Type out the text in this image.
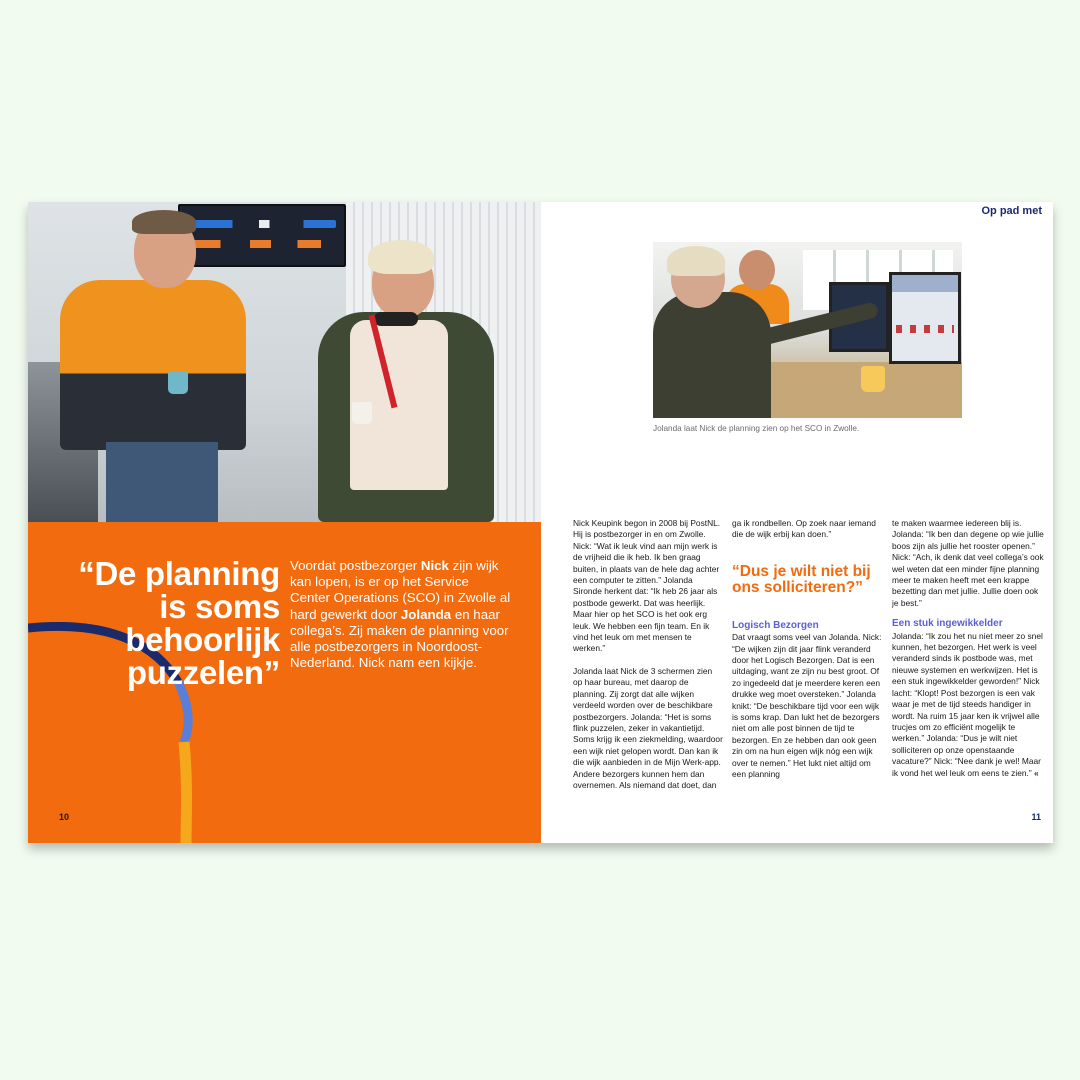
“De planning is soms behoorlijk puzzelen”
Voordat postbezorger Nick zijn wijk kan lopen, is er op het Service Center Operations (SCO) in Zwolle al hard gewerkt door Jolanda en haar collega’s. Zij maken de planning voor alle postbezorgers in Noordoost-Nederland. Nick nam een kijkje.
10
Op pad met
Jolanda laat Nick de planning zien op het SCO in Zwolle.

Nick Keupink begon in 2008 bij PostNL. Hij is postbezorger in en om Zwolle. Nick: “Wat ik leuk vind aan mijn werk is de vrijheid die ik heb. Ik ben graag buiten, in plaats van de hele dag achter een computer te zitten.” Jolanda Sironde herkent dat: “Ik heb 26 jaar als postbode gewerkt. Dat was heerlijk. Maar hier op het SCO is het ook erg leuk. We hebben een fijn team. En ik vind het leuk om met mensen te werken.”

Jolanda laat Nick de 3 schermen zien op haar bureau, met daarop de planning. Zij zorgt dat alle wijken verdeeld worden over de beschikbare postbezorgers. Jolanda: “Het is soms flink puzzelen, zeker in vakantietijd. Soms krijg ik een ziekmelding, waardoor een wijk niet gelopen wordt. Dan kan ik die wijk aanbieden in de Mijn Werk-app. Andere bezorgers kunnen hem dan overnemen. Als niemand dat doet, dan

ga ik rondbellen. Op zoek naar iemand die de wijk erbij kan doen.”

“Dus je wilt niet bij ons solliciteren?”
Logisch Bezorgen
Dat vraagt soms veel van Jolanda. Nick: “De wijken zijn dit jaar flink veranderd door het Logisch Bezorgen. Dat is een uitdaging, want ze zijn nu best groot. Of zo ingedeeld dat je meerdere keren een drukke weg moet oversteken.” Jolanda knikt: “De beschikbare tijd voor een wijk is soms krap. Dan lukt het de bezorgers niet om alle post binnen de tijd te bezorgen. En ze hebben dan ook geen zin om na hun eigen wijk nóg een wijk over te nemen.” Het lukt niet altijd om een planning

te maken waarmee iedereen blij is. Jolanda: “Ik ben dan degene op wie jullie boos zijn als jullie het rooster openen.” Nick: “Ach, ik denk dat veel collega’s ook wel weten dat een minder fijne planning meer te maken heeft met een krappe bezetting dan met jullie. Jullie doen ook je best.”

Een stuk ingewikkelder
Jolanda: “Ik zou het nu niet meer zo snel kunnen, het bezorgen. Het werk is veel veranderd sinds ik postbode was, met nieuwe systemen en werkwijzen. Het is een stuk ingewikkelder geworden!” Nick lacht: “Klopt! Post bezorgen is een vak waar je met de tijd steeds handiger in wordt. Na ruim 15 jaar ken ik vrijwel alle trucjes om zo efficiënt mogelijk te werken.” Jolanda: “Dus je wilt niet solliciteren op onze openstaande vacature?” Nick: “Nee dank je wel! Maar ik vond het wel leuk om eens te zien.” «
11
